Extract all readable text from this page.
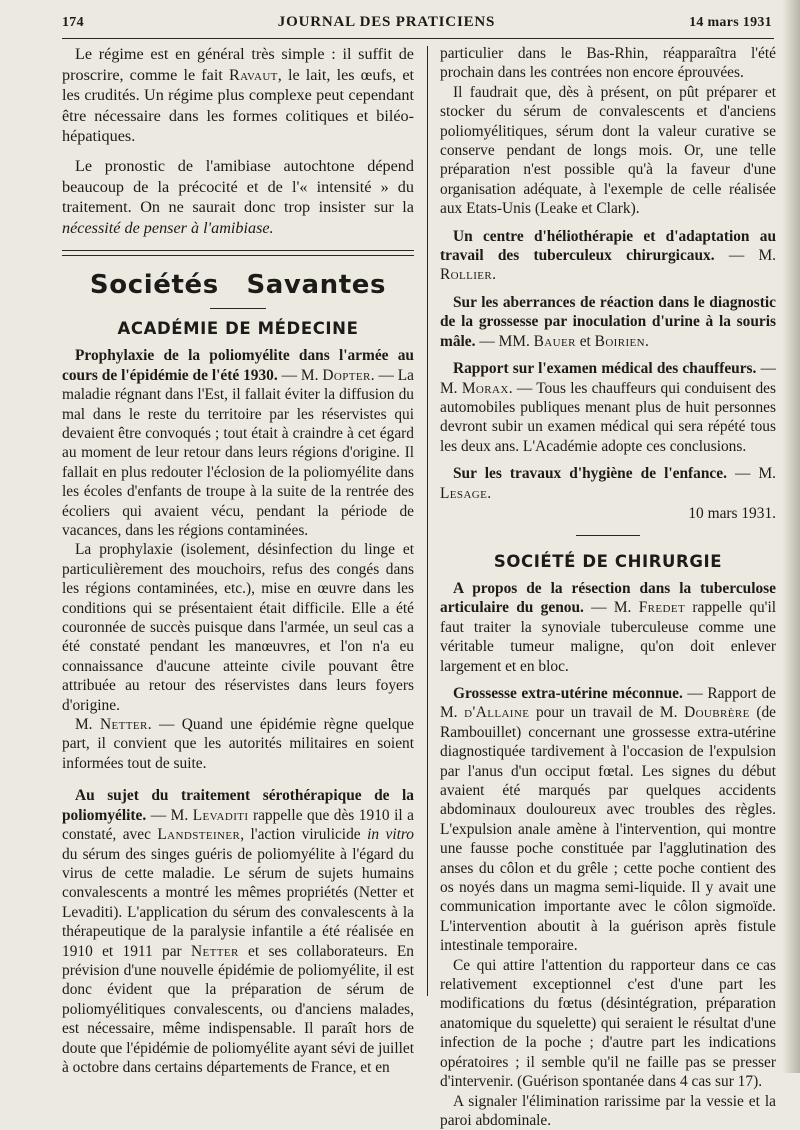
174	JOURNAL DES PRATICIENS	14 mars 1931

Le régime est en général très simple : il suffit de proscrire, comme le fait Ravaut, le lait, les œufs, et les crudités. Un régime plus complexe peut cependant être nécessaire dans les formes colitiques et biléo-hépatiques.

Le pronostic de l'amibiase autochtone dépend beaucoup de la précocité et de l'« intensité » du traitement. On ne saurait donc trop insister sur la nécessité de penser à l'amibiase.

Sociétés Savantes
ACADÉMIE DE MÉDECINE

Prophylaxie de la poliomyélite dans l'armée au cours de l'épidémie de l'été 1930. — M. Dopter. — La maladie régnant dans l'Est, il fallait éviter la diffusion du mal dans le reste du territoire par les réservistes qui devaient être convoqués ; tout était à craindre à cet égard au moment de leur retour dans leurs régions d'origine. Il fallait en plus redouter l'éclosion de la poliomyélite dans les écoles d'enfants de troupe à la suite de la rentrée des écoliers qui avaient vécu, pendant la période de vacances, dans les régions contaminées.

La prophylaxie (isolement, désinfection du linge et particulièrement des mouchoirs, refus des congés dans les régions contaminées, etc.), mise en œuvre dans les conditions qui se présentaient était difficile. Elle a été couronnée de succès puisque dans l'armée, un seul cas a été constaté pendant les manœuvres, et l'on n'a eu connaissance d'aucune atteinte civile pouvant être attribuée au retour des réservistes dans leurs foyers d'origine.

M. Netter. — Quand une épidémie règne quelque part, il convient que les autorités militaires en soient informées tout de suite.

Au sujet du traitement sérothérapique de la poliomyélite. — M. Levaditi rappelle que dès 1910 il a constaté, avec Landsteiner, l'action virulicide in vitro du sérum des singes guéris de poliomyélite à l'égard du virus de cette maladie. Le sérum de sujets humains convalescents a montré les mêmes propriétés (Netter et Levaditi). L'application du sérum des convalescents à la thérapeutique de la paralysie infantile a été réalisée en 1910 et 1911 par Netter et ses collaborateurs. En prévision d'une nouvelle épidémie de poliomyélite, il est donc évident que la préparation de sérum de poliomyélitiques convalescents, ou d'anciens malades, est nécessaire, même indispensable. Il paraît hors de doute que l'épidémie de poliomyélite ayant sévi de juillet à octobre dans certains départements de France, et en

particulier dans le Bas-Rhin, réapparaîtra l'été prochain dans les contrées non encore éprouvées.

Il faudrait que, dès à présent, on pût préparer et stocker du sérum de convalescents et d'anciens poliomyélitiques, sérum dont la valeur curative se conserve pendant de longs mois. Or, une telle préparation n'est possible qu'à la faveur d'une organisation adéquate, à l'exemple de celle réalisée aux Etats-Unis (Leake et Clark).

Un centre d'héliothérapie et d'adaptation au travail des tuberculeux chirurgicaux. — M. Rollier.

Sur les aberrances de réaction dans le diagnostic de la grossesse par inoculation d'urine à la souris mâle. — MM. Bauer et Boirien.

Rapport sur l'examen médical des chauffeurs. — M. Morax. — Tous les chauffeurs qui conduisent des automobiles publiques menant plus de huit personnes devront subir un examen médical qui sera répété tous les deux ans. L'Académie adopte ces conclusions.

Sur les travaux d'hygiène de l'enfance. — M. Lesage.

10 mars 1931.
SOCIÉTÉ DE CHIRURGIE

A propos de la résection dans la tuberculose articulaire du genou. — M. Fredet rappelle qu'il faut traiter la synoviale tuberculeuse comme une véritable tumeur maligne, qu'on doit enlever largement et en bloc.

Grossesse extra-utérine méconnue. — Rapport de M. d'Allaine pour un travail de M. Doubrère (de Rambouillet) concernant une grossesse extra-utérine diagnostiquée tardivement à l'occasion de l'expulsion par l'anus d'un occiput fœtal. Les signes du début avaient été marqués par quelques accidents abdominaux douloureux avec troubles des règles. L'expulsion anale amène à l'intervention, qui montre une fausse poche constituée par l'agglutination des anses du côlon et du grêle ; cette poche contient des os noyés dans un magma semi-liquide. Il y avait une communication importante avec le côlon sigmoïde. L'intervention aboutit à la guérison après fistule intestinale temporaire.

Ce qui attire l'attention du rapporteur dans ce cas relativement exceptionnel c'est d'une part les modifications du fœtus (désintégration, préparation anatomique du squelette) qui seraient le résultat d'une infection de la poche ; d'autre part les indications opératoires ; il semble qu'il ne faille pas se presser d'intervenir. (Guérison spontanée dans 4 cas sur 17).

A signaler l'élimination rarissime par la vessie et la paroi abdominale.
